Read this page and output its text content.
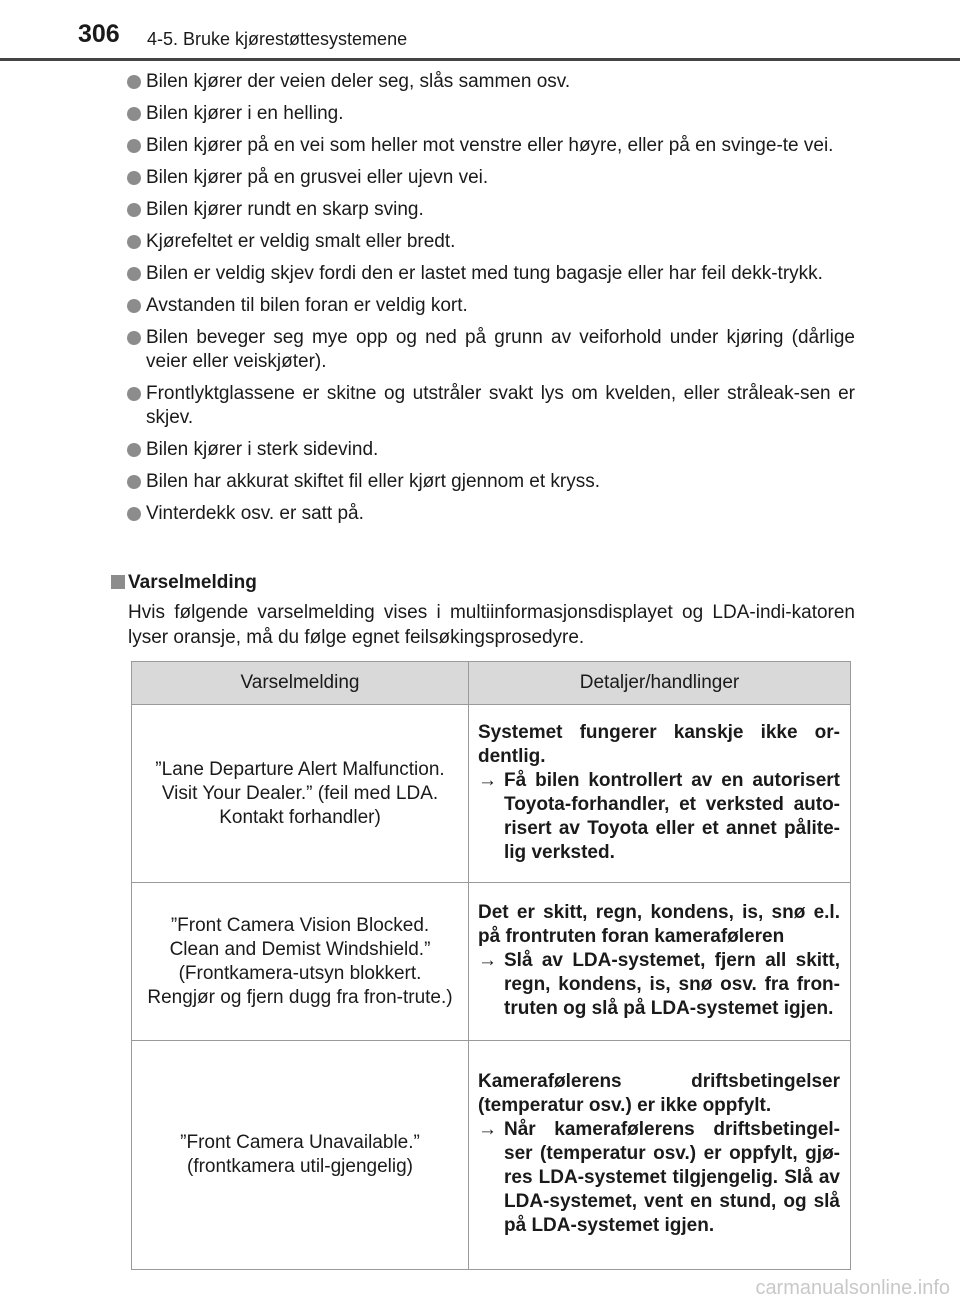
306 4-5. Bruke kjørestøttesystemene
Bilen kjører der veien deler seg, slås sammen osv.
Bilen kjører i en helling.
Bilen kjører på en vei som heller mot venstre eller høyre, eller på en svinge-te vei.
Bilen kjører på en grusvei eller ujevn vei.
Bilen kjører rundt en skarp sving.
Kjørefeltet er veldig smalt eller bredt.
Bilen er veldig skjev fordi den er lastet med tung bagasje eller har feil dekk-trykk.
Avstanden til bilen foran er veldig kort.
Bilen beveger seg mye opp og ned på grunn av veiforhold under kjøring (dårlige veier eller veiskjøter).
Frontlyktglassene er skitne og utstråler svakt lys om kvelden, eller stråleak-sen er skjev.
Bilen kjører i sterk sidevind.
Bilen har akkurat skiftet fil eller kjørt gjennom et kryss.
Vinterdekk osv. er satt på.
Varselmelding
Hvis følgende varselmelding vises i multiinformasjonsdisplayet og LDA-indi-katoren lyser oransje, må du følge egnet feilsøkingsprosedyre.
Varselmelding	Detaljer/handlinger
”Lane Departure Alert Malfunction. Visit Your Dealer.” (feil med LDA. Kontakt forhandler)	Systemet fungerer kanskje ikke or-dentlig.
→ Få bilen kontrollert av en autorisert Toyota-forhandler, et verksted auto-risert av Toyota eller et annet pålite-lig verksted.

”Front Camera Vision Blocked. Clean and Demist Windshield.” (Frontkamera-utsyn blokkert. Rengjør og fjern dugg fra fron-trute.)	Det er skitt, regn, kondens, is, snø e.l. på frontruten foran kameraføleren
→ Slå av LDA-systemet, fjern all skitt, regn, kondens, is, snø osv. fra fron-truten og slå på LDA-systemet igjen.

”Front Camera Unavailable.” (frontkamera util-gjengelig)	Kamerafølerens driftsbetingelser (temperatur osv.) er ikke oppfylt.
→ Når kamerafølerens driftsbetingel-ser (temperatur osv.) er oppfylt, gjø-res LDA-systemet tilgjengelig. Slå av LDA-systemet, vent en stund, og slå på LDA-systemet igjen.
carmanualsonline.info
